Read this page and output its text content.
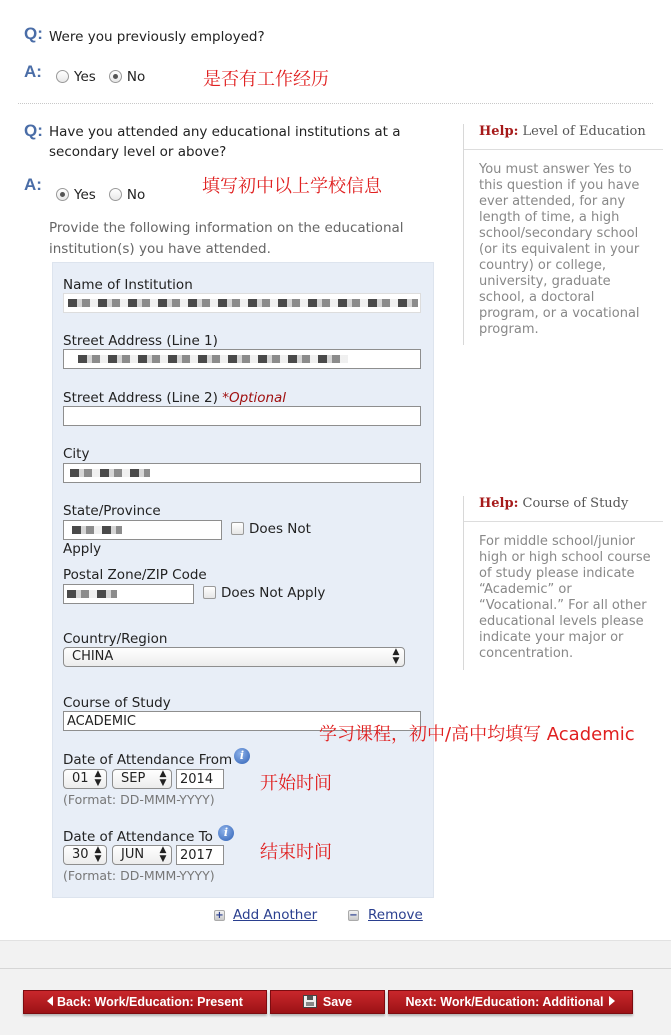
Q: Were you previously employed?
A:	Yes No	是否有工作经历
Q: Have you attended any educational institutions at a
secondary level or above?
A:
Yes No	填写初中以上学校信息
Provide the following information on the educational
institution(s) you have attended.
Name of Institution
Street Address (Line 1)
Street Address (Line 2) *Optional
City
State/Province
Does Not
Apply
Postal Zone/ZIP Code
Does Not Apply
Country/Region
CHINA	▲
▼
Course of Study
ACADEMIC
学习课程，初中/高中均填写 Academic
Date of Attendance From i
01 ▲
▼	SEP ▲
▼	2014	开始时间
(Format: DD-MMM-YYYY)
Date of Attendance To i
30 ▲
▼	JUN ▲
▼	2017	结束时间
(Format: DD-MMM-YYYY)
+ Add Another	− Remove
Help: Level of Education
You must answer Yes to this question if you have ever attended, for any length of time, a high school/secondary school (or its equivalent in your country) or college, university, graduate school, a doctoral program, or a vocational program.
Help: Course of Study
For middle school/junior high or high school course of study please indicate “Academic” or “Vocational.” For all other educational levels please indicate your major or concentration.
Back: Work/Education: Present	Save	Next: Work/Education: Additional
